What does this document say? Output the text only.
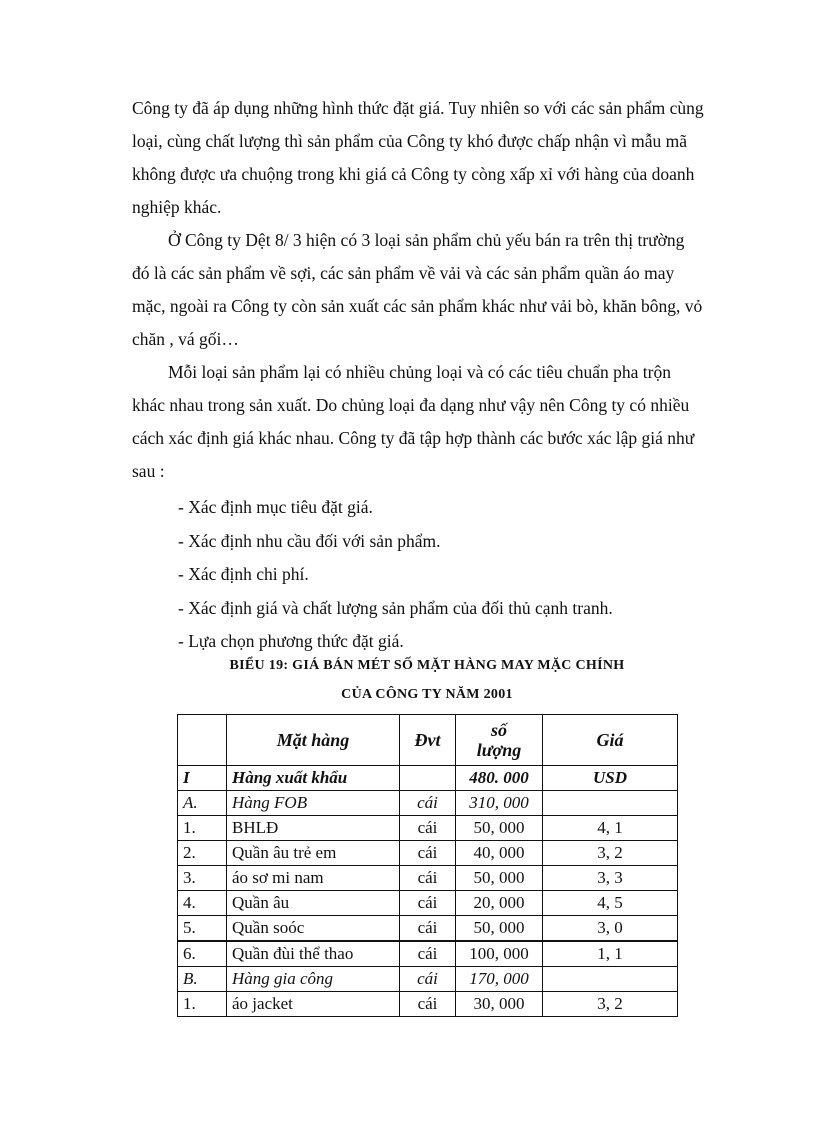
Công ty đã áp dụng những hình thức đặt giá. Tuy nhiên so với các sản phẩm cùng
loại, cùng chất lượng thì sản phẩm của Công ty khó được chấp nhận vì mẫu mã
không được ưa chuộng trong khi giá cả Công ty còng xấp xỉ với hàng của doanh
nghiệp khác.
Ở Công ty Dệt 8/ 3 hiện có 3 loại sản phẩm chủ yếu bán ra trên thị trường
đó là các sản phẩm về sợi, các sản phẩm về vải và các sản phẩm quần áo may
mặc, ngoài ra Công ty còn sản xuất các sản phẩm khác như vải bò, khăn bông, vỏ
chăn , vá gối…
Mỗi loại sản phẩm lại có nhiều chủng loại và có các tiêu chuẩn pha trộn
khác nhau trong sản xuất. Do chủng loại đa dạng như vậy nên Công ty có nhiều
cách xác định giá khác nhau. Công ty đã tập hợp thành các bước xác lập giá như
sau :
- Xác định mục tiêu đặt giá.
- Xác định nhu cầu đối với sản phẩm.
- Xác định chi phí.
- Xác định giá và chất lượng sản phẩm của đối thủ cạnh tranh.
- Lựa chọn phương thức đặt giá.
BIỂU 19: GIÁ BÁN MÉT SỐ MẶT HÀNG MAY MẶC CHÍNH
CỦA CÔNG TY NĂM 2001
	Mặt hàng	Đvt	số
lượng	Giá
I	Hàng xuất khẩu		480. 000	USD
A.	Hàng FOB	cái	310, 000	
1.	BHLĐ	cái	50, 000	4, 1
2.	Quần âu trẻ em	cái	40, 000	3, 2
3.	áo sơ mi nam	cái	50, 000	3, 3
4.	Quần âu	cái	20, 000	4, 5
5.	Quần soóc	cái	50, 000	3, 0
6.	Quần đùi thể thao	cái	100, 000	1, 1
B.	Hàng gia công	cái	170, 000	
1.	áo jacket	cái	30, 000	3, 2
